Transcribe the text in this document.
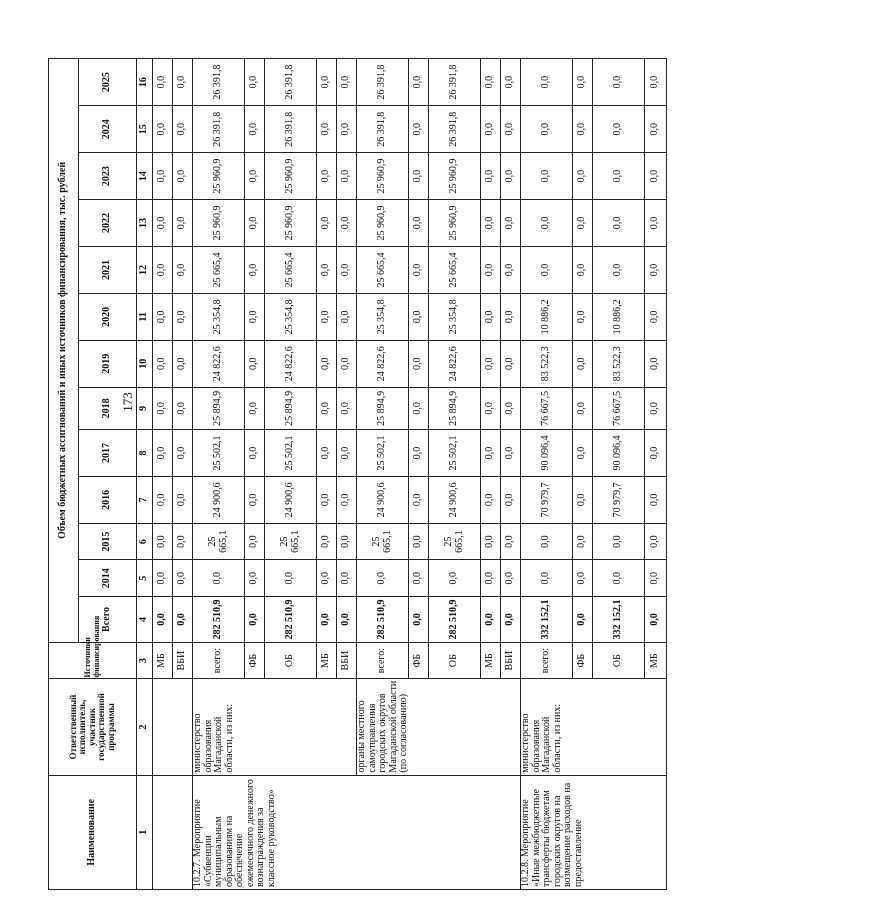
173
Наименование	Ответственный исполнитель, участник государственной программы	Источники финансирования	Объем бюджетных ассигнований и иных источников финансирования, тыс. рублей												
			Всего	2014	2015	2016	2017	2018	2019	2020	2021	2022	2023	2024	2025
1	2	3	4	5	6	7	8	9	10	11	12	13	14	15	16
		МБ	0,0	0,0	0,0	0,0	0,0	0,0	0,0	0,0	0,0	0,0	0,0	0,0	0,0
		ВБИ	0,0	0,0	0,0	0,0	0,0	0,0	0,0	0,0	0,0	0,0	0,0	0,0	0,0
10.2.7. Мероприятие «Субвенции муниципальным образованиям на обеспечение ежемесячного денежного вознаграждения за классное руководство»	министерство образования Магаданской области, из них:	всего:	282 510,9	0,0	25 665,1	24 900,6	25 502,1	25 894,9	24 822,6	25 354,8	25 665,4	25 960,9	25 960,9	26 391,8	26 391,8
		ФБ	0,0	0,0	0,0	0,0	0,0	0,0	0,0	0,0	0,0	0,0	0,0	0,0	0,0
		ОБ	282 510,9	0,0	25 665,1	24 900,6	25 502,1	25 894,9	24 822,6	25 354,8	25 665,4	25 960,9	25 960,9	26 391,8	26 391,8
		МБ	0,0	0,0	0,0	0,0	0,0	0,0	0,0	0,0	0,0	0,0	0,0	0,0	0,0
		ВБИ	0,0	0,0	0,0	0,0	0,0	0,0	0,0	0,0	0,0	0,0	0,0	0,0	0,0
	органы местного самоуправления городских округов Магаданской области (по согласованию)	всего:	282 510,9	0,0	25 665,1	24 900,6	25 502,1	25 894,9	24 822,6	25 354,8	25 665,4	25 960,9	25 960,9	26 391,8	26 391,8
		ФБ	0,0	0,0	0,0	0,0	0,0	0,0	0,0	0,0	0,0	0,0	0,0	0,0	0,0
		ОБ	282 510,9	0,0	25 665,1	24 900,6	25 502,1	25 894,9	24 822,6	25 354,8	25 665,4	25 960,9	25 960,9	26 391,8	26 391,8
		МБ	0,0	0,0	0,0	0,0	0,0	0,0	0,0	0,0	0,0	0,0	0,0	0,0	0,0
		ВБИ	0,0	0,0	0,0	0,0	0,0	0,0	0,0	0,0	0,0	0,0	0,0	0,0	0,0
10.2.8. Мероприятие «Иные межбюджетные трансферты бюджетам городских округов на возмещение расходов на предоставление	министерство образования Магаданской области, из них:	всего:	332 152,1	0,0	0,0	70 979,7	90 096,4	76 667,5	83 522,3	10 886,2	0,0	0,0	0,0	0,0	0,0
		ФБ	0,0	0,0	0,0	0,0	0,0	0,0	0,0	0,0	0,0	0,0	0,0	0,0	0,0
		ОБ	332 152,1	0,0	0,0	70 979,7	90 096,4	76 667,5	83 522,3	10 886,2	0,0	0,0	0,0	0,0	0,0
		МБ	0,0	0,0	0,0	0,0	0,0	0,0	0,0	0,0	0,0	0,0	0,0	0,0	0,0
